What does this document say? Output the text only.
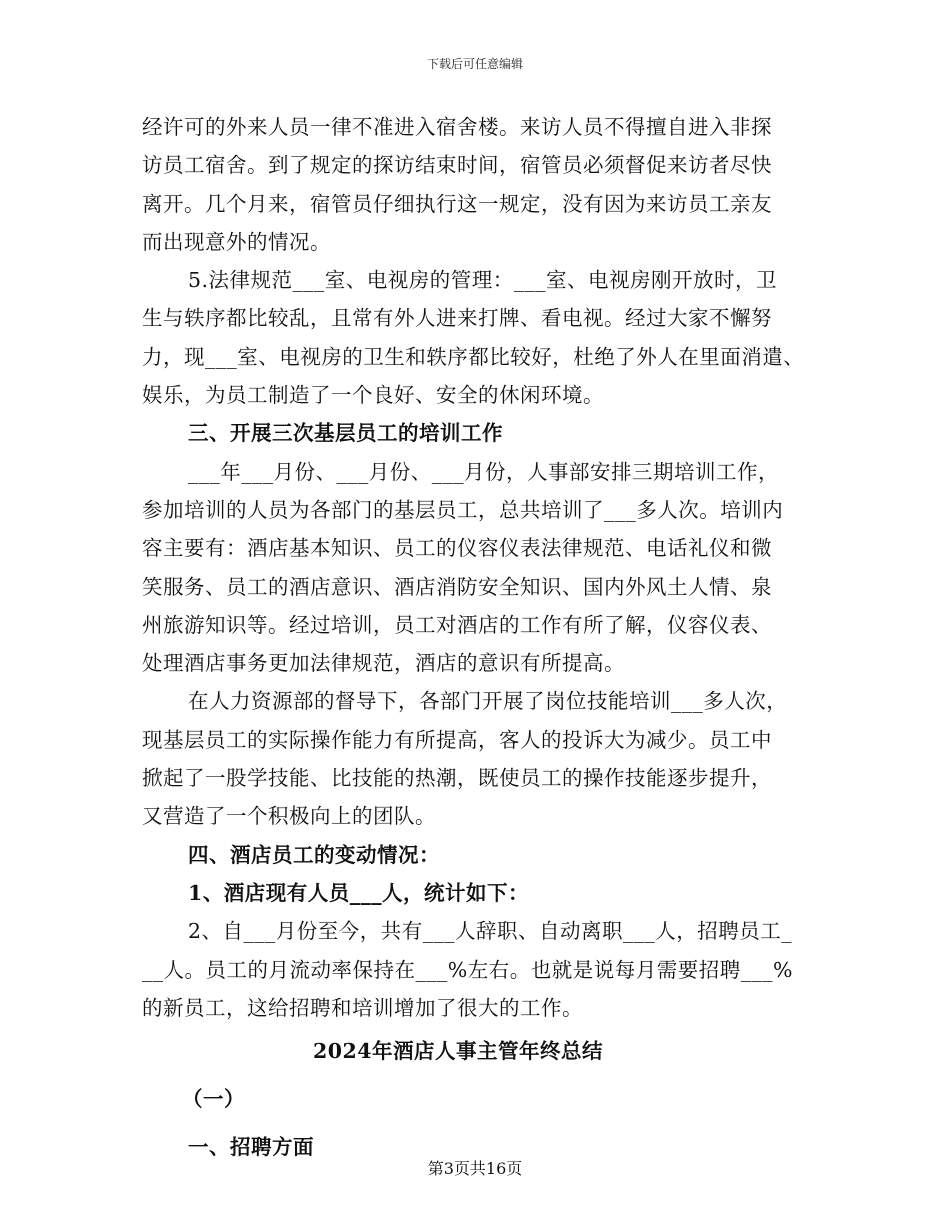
下载后可任意编辑
经许可的外来人员一律不准进入宿舍楼。来访人员不得擅自进入非探
访员工宿舍。到了规定的探访结束时间，宿管员必须督促来访者尽快
离开。几个月来，宿管员仔细执行这一规定，没有因为来访员工亲友
而出现意外的情况。
5.法律规范___室、电视房的管理：___室、电视房刚开放时，卫
生与轶序都比较乱，且常有外人进来打牌、看电视。经过大家不懈努
力，现___室、电视房的卫生和轶序都比较好，杜绝了外人在里面消遣、
娱乐，为员工制造了一个良好、安全的休闲环境。
三、开展三次基层员工的培训工作
___年___月份、___月份、___月份，人事部安排三期培训工作，
参加培训的人员为各部门的基层员工，总共培训了___多人次。培训内
容主要有：酒店基本知识、员工的仪容仪表法律规范、电话礼仪和微
笑服务、员工的酒店意识、酒店消防安全知识、国内外风土人情、泉
州旅游知识等。经过培训，员工对酒店的工作有所了解，仪容仪表、
处理酒店事务更加法律规范，酒店的意识有所提高。
在人力资源部的督导下，各部门开展了岗位技能培训___多人次，
现基层员工的实际操作能力有所提高，客人的投诉大为减少。员工中
掀起了一股学技能、比技能的热潮，既使员工的操作技能逐步提升，
又营造了一个积极向上的团队。
四、酒店员工的变动情况：
1、酒店现有人员___人，统计如下：
2、自___月份至今，共有___人辞职、自动离职___人，招聘员工_
__人。员工的月流动率保持在___%左右。也就是说每月需要招聘___%
的新员工，这给招聘和培训增加了很大的工作。
2024年酒店人事主管年终总结
（一）
一、招聘方面
第3页共16页
